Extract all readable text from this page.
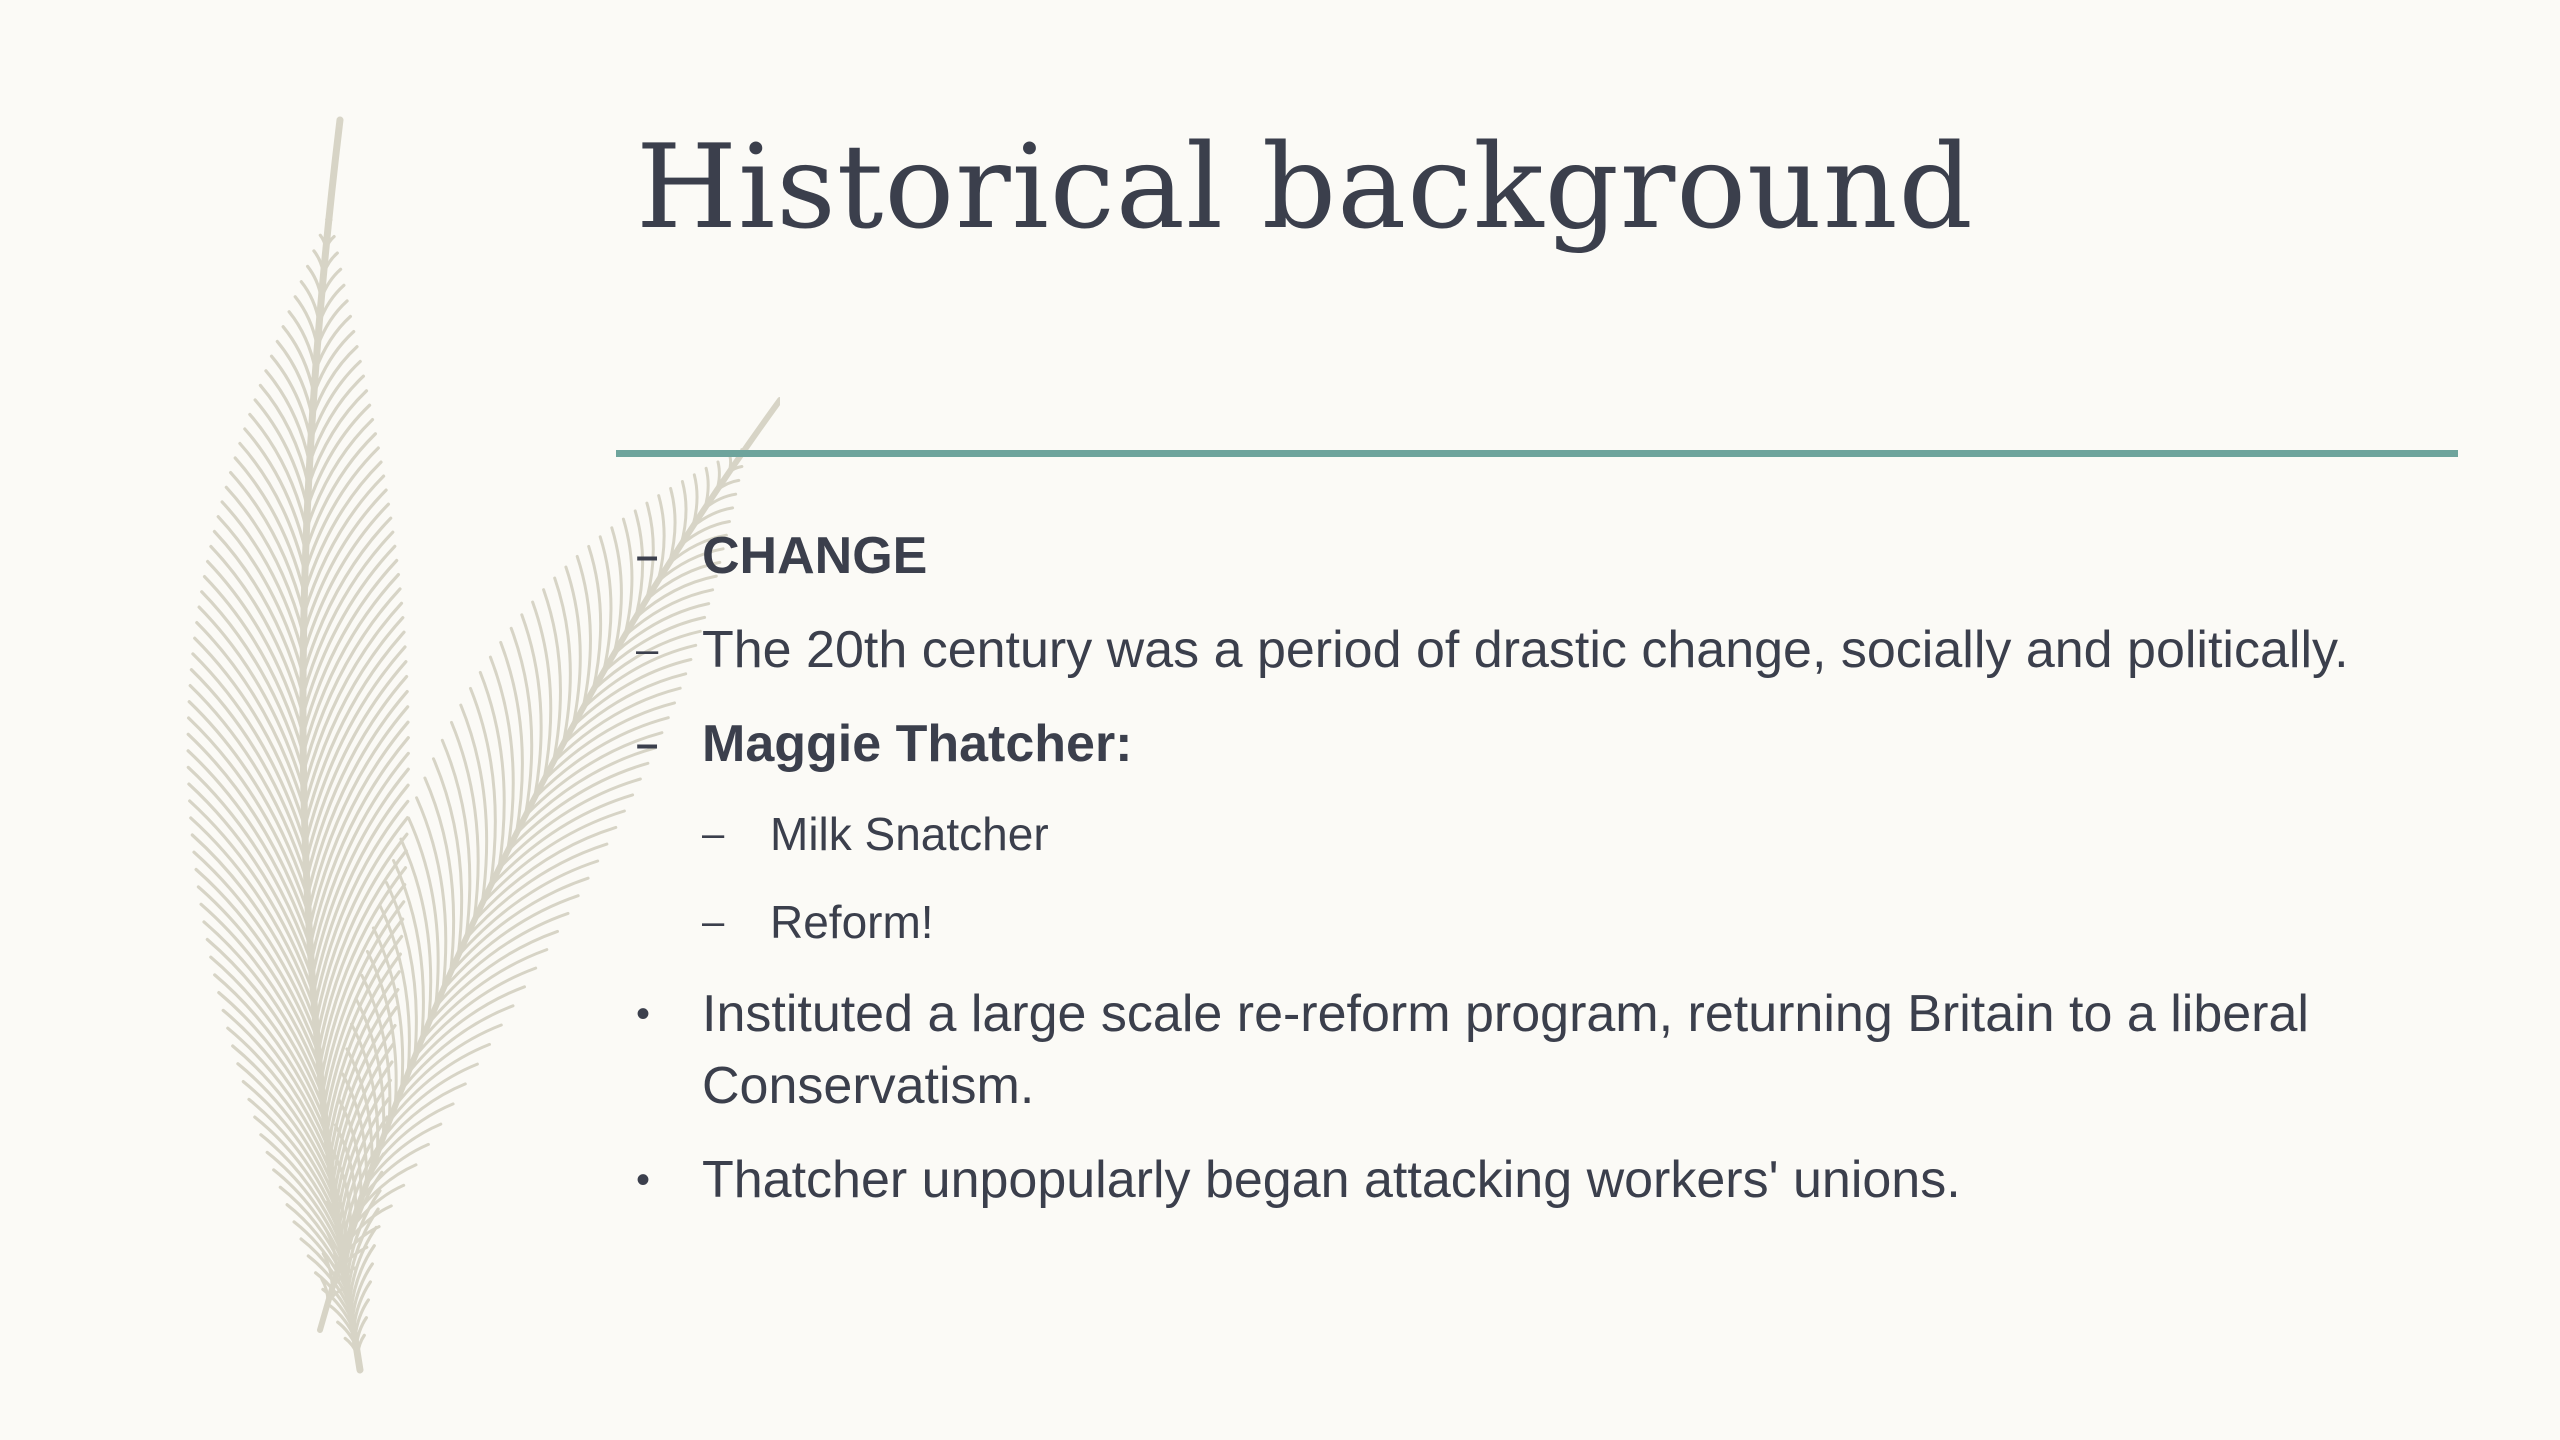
Historical background
– CHANGE
– The 20th century was a period of drastic change, socially and politically.
– Maggie Thatcher:
– Milk Snatcher
– Reform!
• Instituted a large scale re-reform program, returning Britain to a liberal Conservatism.
• Thatcher unpopularly began attacking workers' unions.
